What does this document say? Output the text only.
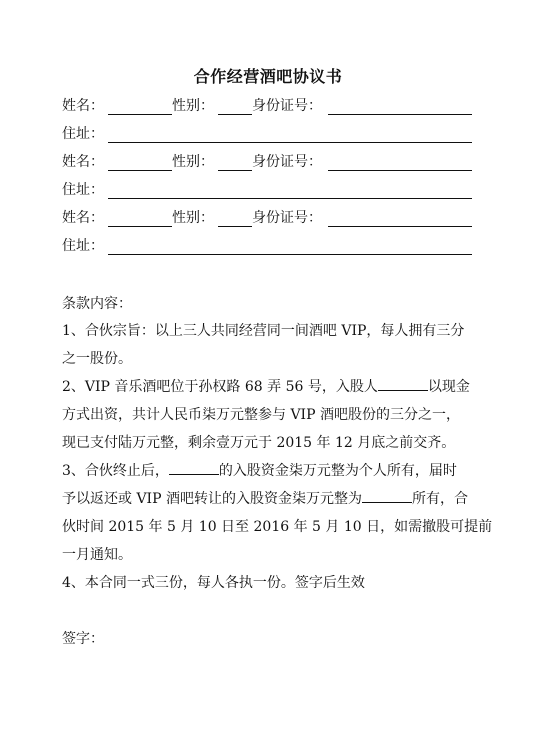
合作经营酒吧协议书
姓名：	性别：	身份证号：
住址：
姓名：	性别：	身份证号：
住址：
姓名：	性别：	身份证号：
住址：
条款内容：
1、合伙宗旨：以上三人共同经营同一间酒吧 VIP，每人拥有三分
之一股份。
2、VIP 音乐酒吧位于孙权路 68 弄 56 号，入股人	以现金
方式出资，共计人民币柒万元整参与 VIP 酒吧股份的三分之一，
现已支付陆万元整，剩余壹万元于 2015 年 12 月底之前交齐。
3、合伙终止后，	的入股资金柒万元整为个人所有，届时
予以返还或 VIP 酒吧转让的入股资金柒万元整为	所有，合
伙时间 2015 年 5 月 10 日至 2016 年 5 月 10 日，如需撤股可提前
一月通知。
4、本合同一式三份，每人各执一份。签字后生效
签字：
